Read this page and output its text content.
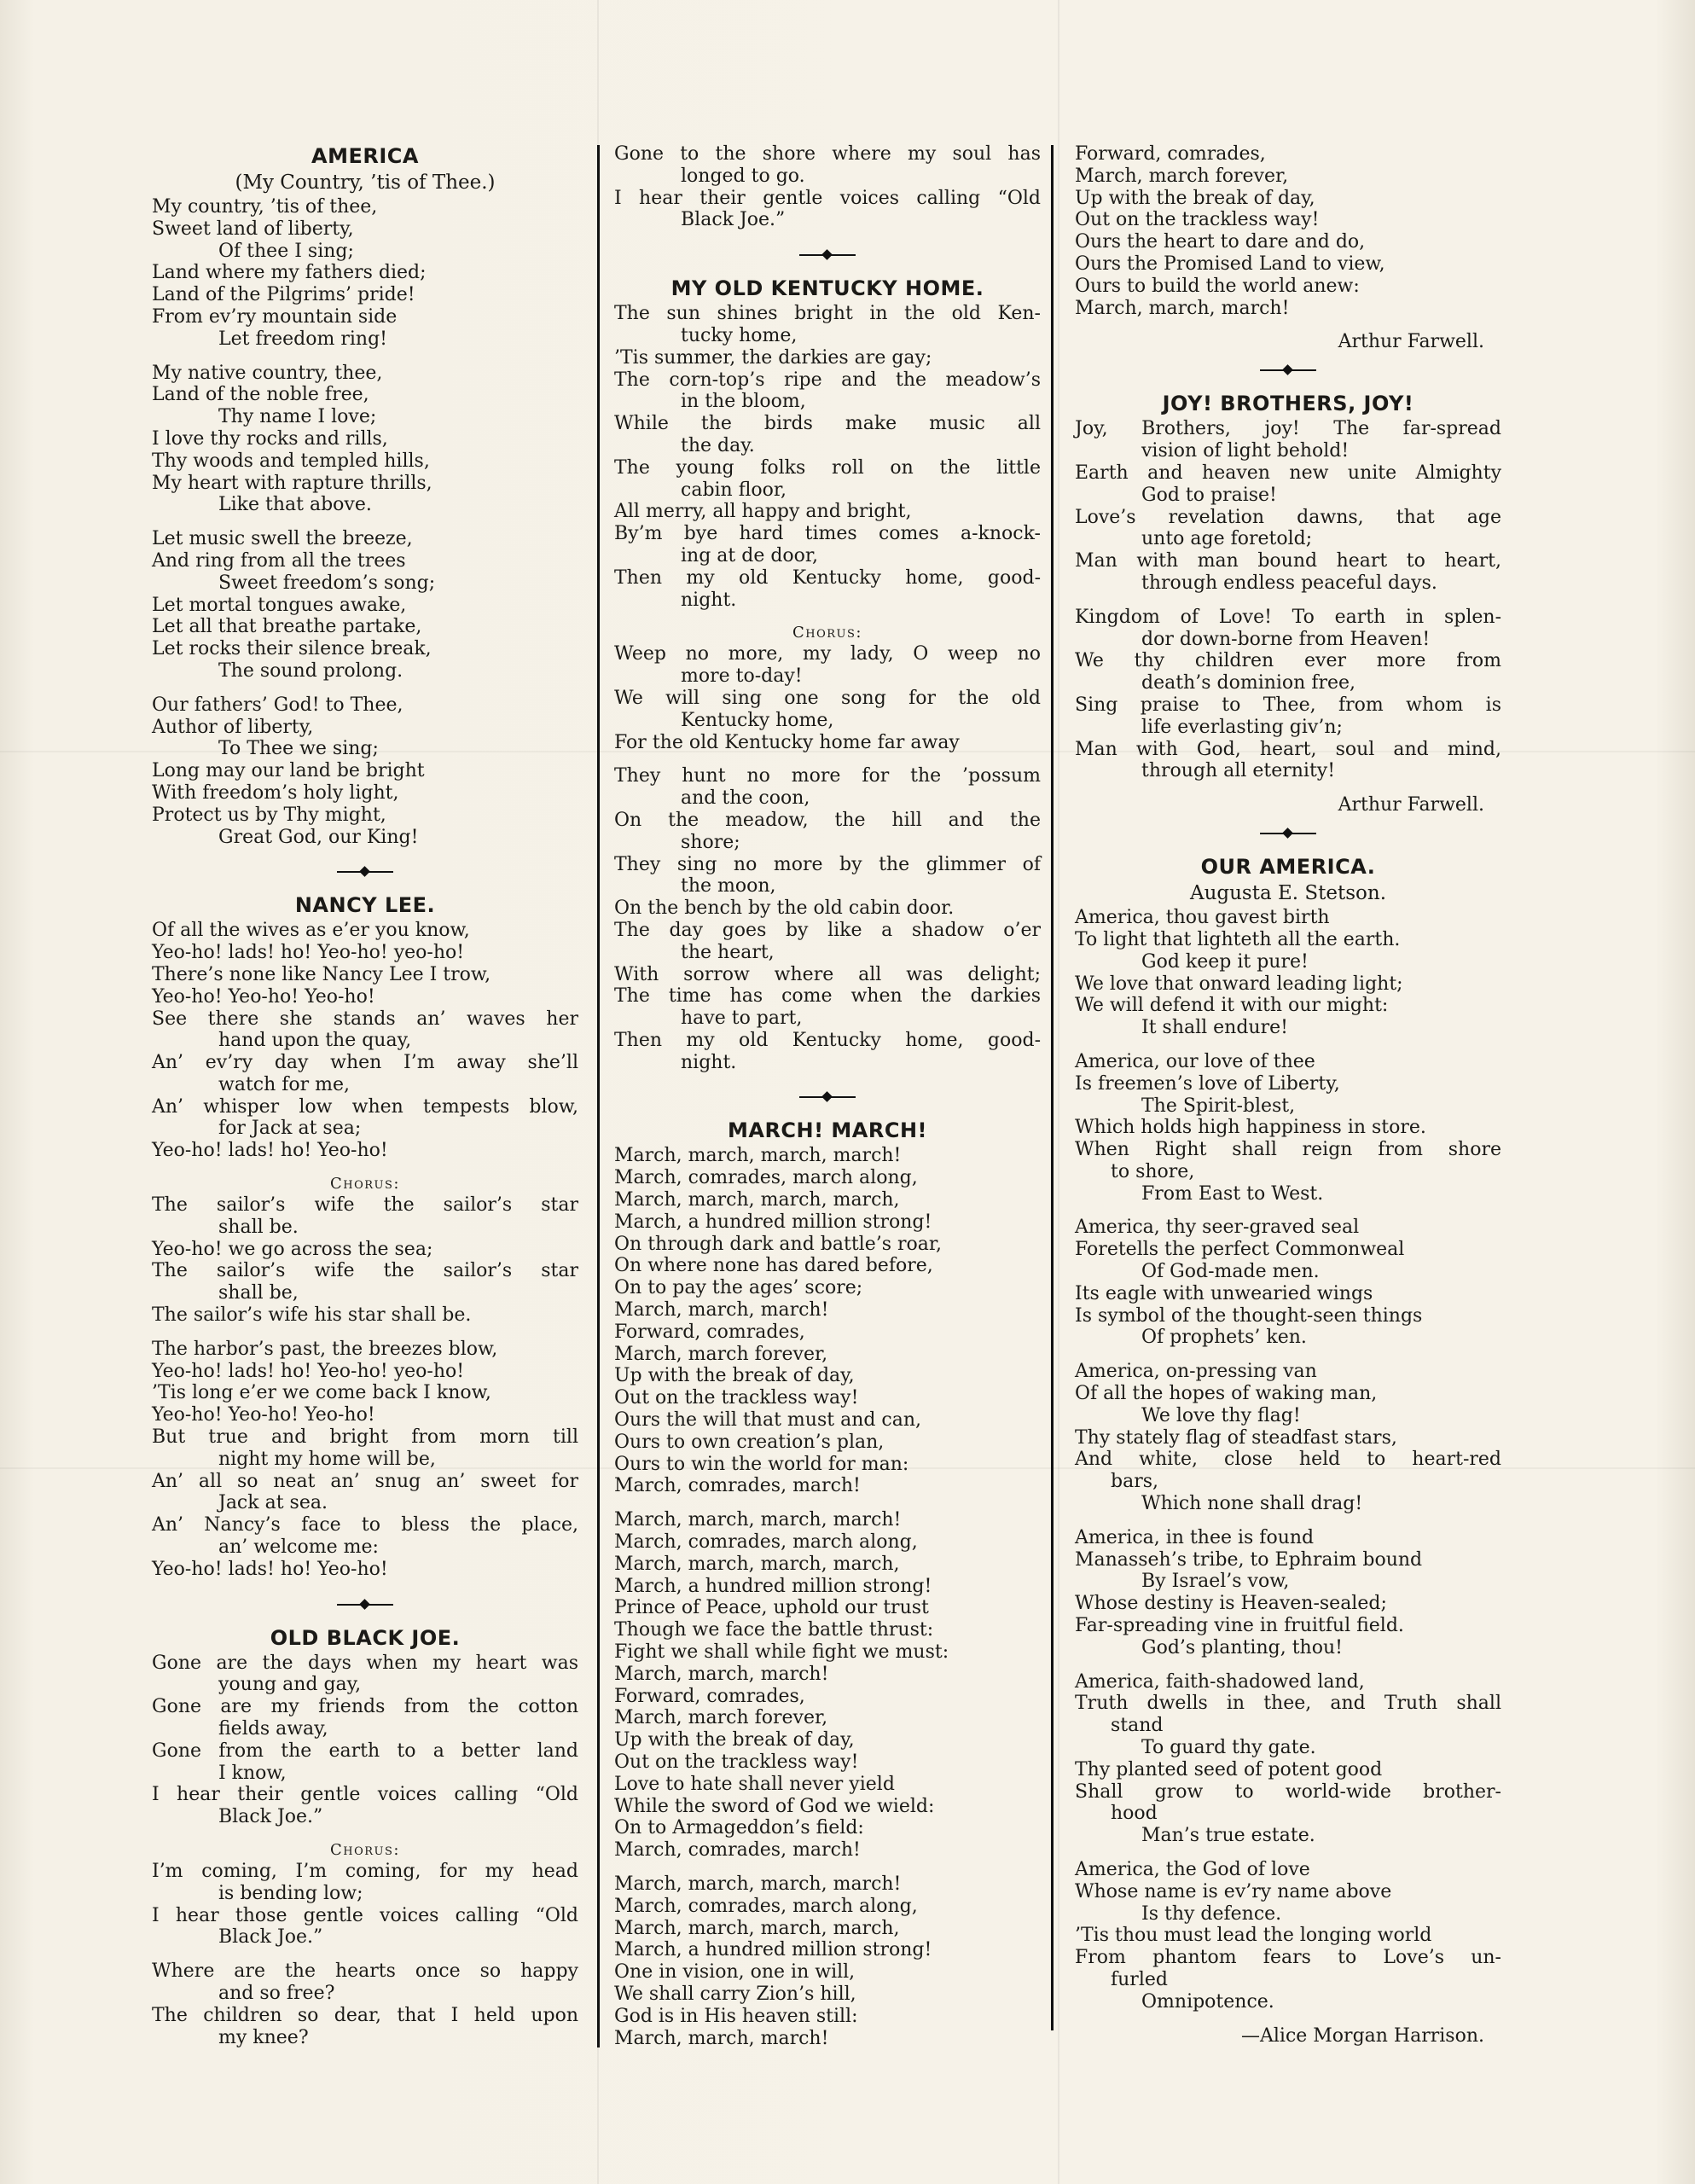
AMERICA
(My Country, ’tis of Thee.)
My country, ’tis of thee,
Sweet land of liberty,
Of thee I sing;
Land where my fathers died;
Land of the Pilgrims’ pride!
From ev’ry mountain side
Let freedom ring!
My native country, thee,
Land of the noble free,
Thy name I love;
I love thy rocks and rills,
Thy woods and templed hills,
My heart with rapture thrills,
Like that above.
Let music swell the breeze,
And ring from all the trees
Sweet freedom’s song;
Let mortal tongues awake,
Let all that breathe partake,
Let rocks their silence break,
The sound prolong.
Our fathers’ God! to Thee,
Author of liberty,
To Thee we sing;
Long may our land be bright
With freedom’s holy light,
Protect us by Thy might,
Great God, our King!
NANCY LEE.
Of all the wives as e’er you know,
Yeo-ho! lads! ho! Yeo-ho! yeo-ho!
There’s none like Nancy Lee I trow,
Yeo-ho! Yeo-ho! Yeo-ho!
See there she stands an’ waves her
hand upon the quay,
An’ ev’ry day when I’m away she’ll
watch for me,
An’ whisper low when tempests blow,
for Jack at sea;
Yeo-ho! lads! ho! Yeo-ho!
Chorus:
The sailor’s wife the sailor’s star
shall be.
Yeo-ho! we go across the sea;
The sailor’s wife the sailor’s star
shall be,
The sailor’s wife his star shall be.
The harbor’s past, the breezes blow,
Yeo-ho! lads! ho! Yeo-ho! yeo-ho!
’Tis long e’er we come back I know,
Yeo-ho! Yeo-ho! Yeo-ho!
But true and bright from morn till
night my home will be,
An’ all so neat an’ snug an’ sweet for
Jack at sea.
An’ Nancy’s face to bless the place,
an’ welcome me:
Yeo-ho! lads! ho! Yeo-ho!
OLD BLACK JOE.
Gone are the days when my heart was
young and gay,
Gone are my friends from the cotton
fields away,
Gone from the earth to a better land
I know,
I hear their gentle voices calling “Old
Black Joe.”
Chorus:
I’m coming, I’m coming, for my head
is bending low;
I hear those gentle voices calling “Old
Black Joe.”
Where are the hearts once so happy
and so free?
The children so dear, that I held upon
my knee?
Gone to the shore where my soul has
longed to go.
I hear their gentle voices calling “Old
Black Joe.”
MY OLD KENTUCKY HOME.
The sun shines bright in the old Ken-
tucky home,
’Tis summer, the darkies are gay;
The corn-top’s ripe and the meadow’s
in the bloom,
While the birds make music all
the day.
The young folks roll on the little
cabin floor,
All merry, all happy and bright,
By’m bye hard times comes a-knock-
ing at de door,
Then my old Kentucky home, good-
night.
Chorus:
Weep no more, my lady, O weep no
more to-day!
We will sing one song for the old
Kentucky home,
For the old Kentucky home far away
They hunt no more for the ’possum
and the coon,
On the meadow, the hill and the
shore;
They sing no more by the glimmer of
the moon,
On the bench by the old cabin door.
The day goes by like a shadow o’er
the heart,
With sorrow where all was delight;
The time has come when the darkies
have to part,
Then my old Kentucky home, good-
night.
MARCH! MARCH!
March, march, march, march!
March, comrades, march along,
March, march, march, march,
March, a hundred million strong!
On through dark and battle’s roar,
On where none has dared before,
On to pay the ages’ score;
March, march, march!
Forward, comrades,
March, march forever,
Up with the break of day,
Out on the trackless way!
Ours the will that must and can,
Ours to own creation’s plan,
Ours to win the world for man:
March, comrades, march!
March, march, march, march!
March, comrades, march along,
March, march, march, march,
March, a hundred million strong!
Prince of Peace, uphold our trust
Though we face the battle thrust:
Fight we shall while fight we must:
March, march, march!
Forward, comrades,
March, march forever,
Up with the break of day,
Out on the trackless way!
Love to hate shall never yield
While the sword of God we wield:
On to Armageddon’s field:
March, comrades, march!
March, march, march, march!
March, comrades, march along,
March, march, march, march,
March, a hundred million strong!
One in vision, one in will,
We shall carry Zion’s hill,
God is in His heaven still:
March, march, march!
Forward, comrades,
March, march forever,
Up with the break of day,
Out on the trackless way!
Ours the heart to dare and do,
Ours the Promised Land to view,
Ours to build the world anew:
March, march, march!
Arthur Farwell.
JOY! BROTHERS, JOY!
Joy, Brothers, joy! The far-spread
vision of light behold!
Earth and heaven new unite Almighty
God to praise!
Love’s revelation dawns, that age
unto age foretold;
Man with man bound heart to heart,
through endless peaceful days.
Kingdom of Love! To earth in splen-
dor down-borne from Heaven!
We thy children ever more from
death’s dominion free,
Sing praise to Thee, from whom is
life everlasting giv’n;
Man with God, heart, soul and mind,
through all eternity!
Arthur Farwell.
OUR AMERICA.
Augusta E. Stetson.
America, thou gavest birth
To light that lighteth all the earth.
God keep it pure!
We love that onward leading light;
We will defend it with our might:
It shall endure!
America, our love of thee
Is freemen’s love of Liberty,
The Spirit-blest,
Which holds high happiness in store.
When Right shall reign from shore
to shore,
From East to West.
America, thy seer-graved seal
Foretells the perfect Commonweal
Of God-made men.
Its eagle with unwearied wings
Is symbol of the thought-seen things
Of prophets’ ken.
America, on-pressing van
Of all the hopes of waking man,
We love thy flag!
Thy stately flag of steadfast stars,
And white, close held to heart-red
bars,
Which none shall drag!
America, in thee is found
Manasseh’s tribe, to Ephraim bound
By Israel’s vow,
Whose destiny is Heaven-sealed;
Far-spreading vine in fruitful field.
God’s planting, thou!
America, faith-shadowed land,
Truth dwells in thee, and Truth shall
stand
To guard thy gate.
Thy planted seed of potent good
Shall grow to world-wide brother-
hood
Man’s true estate.
America, the God of love
Whose name is ev’ry name above
Is thy defence.
’Tis thou must lead the longing world
From phantom fears to Love’s un-
furled
Omnipotence.
—Alice Morgan Harrison.
